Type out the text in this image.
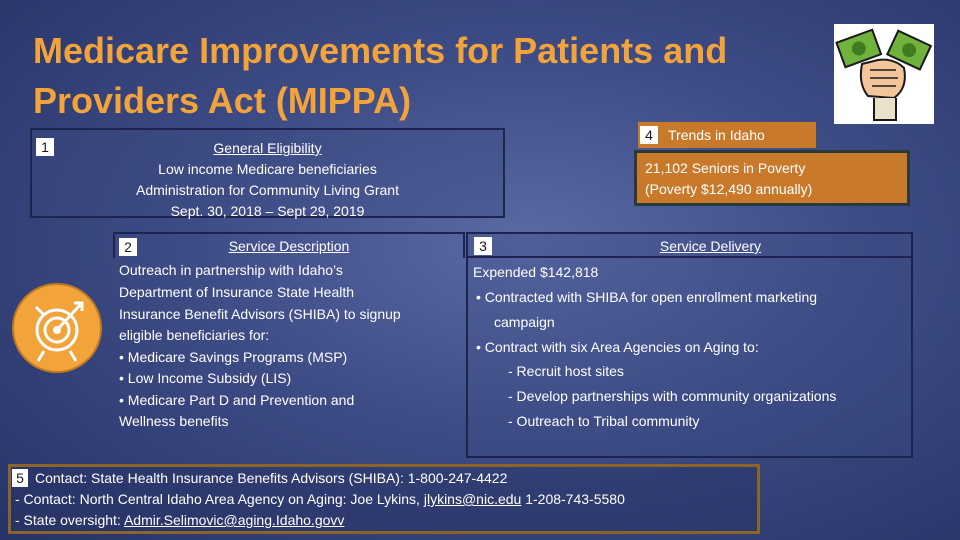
Medicare Improvements for Patients and Providers Act (MIPPA)
1	General Eligibility
Low income Medicare beneficiaries
Administration for Community Living Grant
Sept. 30, 2018 – Sept 29, 2019
4	Trends in Idaho
21,102 Seniors in Poverty
(Poverty $12,490 annually)
2	Service Description
Outreach in partnership with Idaho’s
Department of Insurance State Health
Insurance Benefit Advisors (SHIBA) to signup
eligible beneficiaries for:
• Medicare Savings Programs (MSP)
• Low Income Subsidy (LIS)
• Medicare Part D and Prevention and
Wellness benefits
3	Service Delivery
Expended $142,818
• Contracted with SHIBA for open enrollment marketing
campaign
• Contract with six Area Agencies on Aging to:
- Recruit host sites
- Develop partnerships with community organizations
- Outreach to Tribal community
5 Contact: State Health Insurance Benefits Advisors (SHIBA): 1-800-247-4422
- Contact: North Central Idaho Area Agency on Aging: Joe Lykins, jlykins@nic.edu 1-208-743-5580
- State oversight: Admir.Selimovic@aging.Idaho.govv
